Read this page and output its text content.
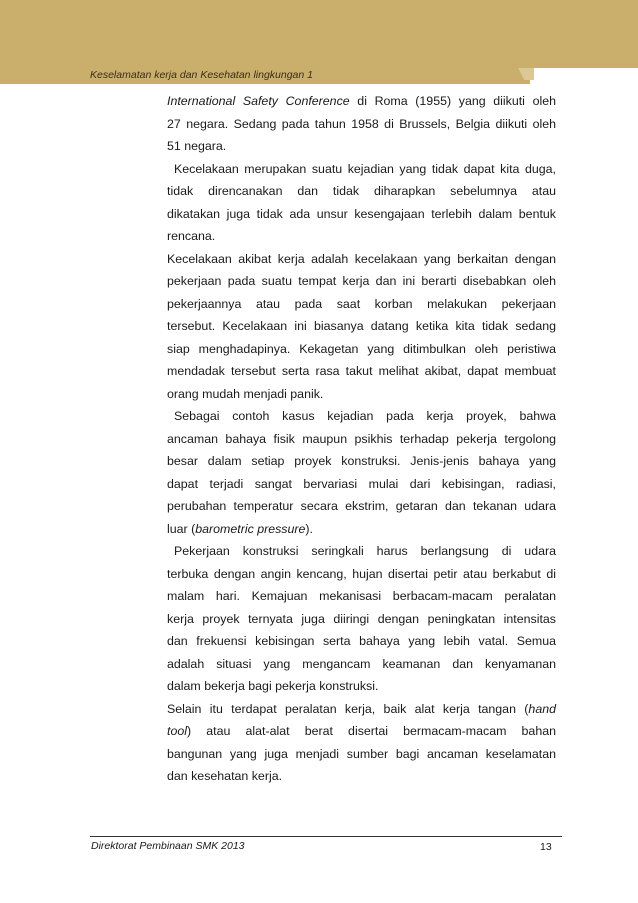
Keselamatan kerja dan Kesehatan lingkungan 1
International Safety Conference di Roma (1955) yang diikuti oleh
27 negara. Sedang pada tahun 1958 di Brussels, Belgia diikuti oleh
51 negara.
Kecelakaan merupakan suatu kejadian yang tidak dapat kita duga,
tidak direncanakan dan tidak diharapkan sebelumnya atau
dikatakan juga tidak ada unsur kesengajaan terlebih dalam bentuk
rencana.
Kecelakaan akibat kerja adalah kecelakaan yang berkaitan dengan
pekerjaan pada suatu tempat kerja dan ini berarti disebabkan oleh
pekerjaannya atau pada saat korban melakukan pekerjaan
tersebut. Kecelakaan ini biasanya datang ketika kita tidak sedang
siap menghadapinya. Kekagetan yang ditimbulkan oleh peristiwa
mendadak tersebut serta rasa takut melihat akibat, dapat membuat
orang mudah menjadi panik.
Sebagai contoh kasus kejadian pada kerja proyek, bahwa
ancaman bahaya fisik maupun psikhis terhadap pekerja tergolong
besar dalam setiap proyek konstruksi. Jenis-jenis bahaya yang
dapat terjadi sangat bervariasi mulai dari kebisingan, radiasi,
perubahan temperatur secara ekstrim, getaran dan tekanan udara
luar (barometric pressure).
Pekerjaan konstruksi seringkali harus berlangsung di udara
terbuka dengan angin kencang, hujan disertai petir atau berkabut di
malam hari. Kemajuan mekanisasi berbacam-macam peralatan
kerja proyek ternyata juga diiringi dengan peningkatan intensitas
dan frekuensi kebisingan serta bahaya yang lebih vatal. Semua
adalah situasi yang mengancam keamanan dan kenyamanan
dalam bekerja bagi pekerja konstruksi.
Selain itu terdapat peralatan kerja, baik alat kerja tangan (hand
tool) atau alat-alat berat disertai bermacam-macam bahan
bangunan yang juga menjadi sumber bagi ancaman keselamatan
dan kesehatan kerja.
Direktorat Pembinaan SMK 2013	13
